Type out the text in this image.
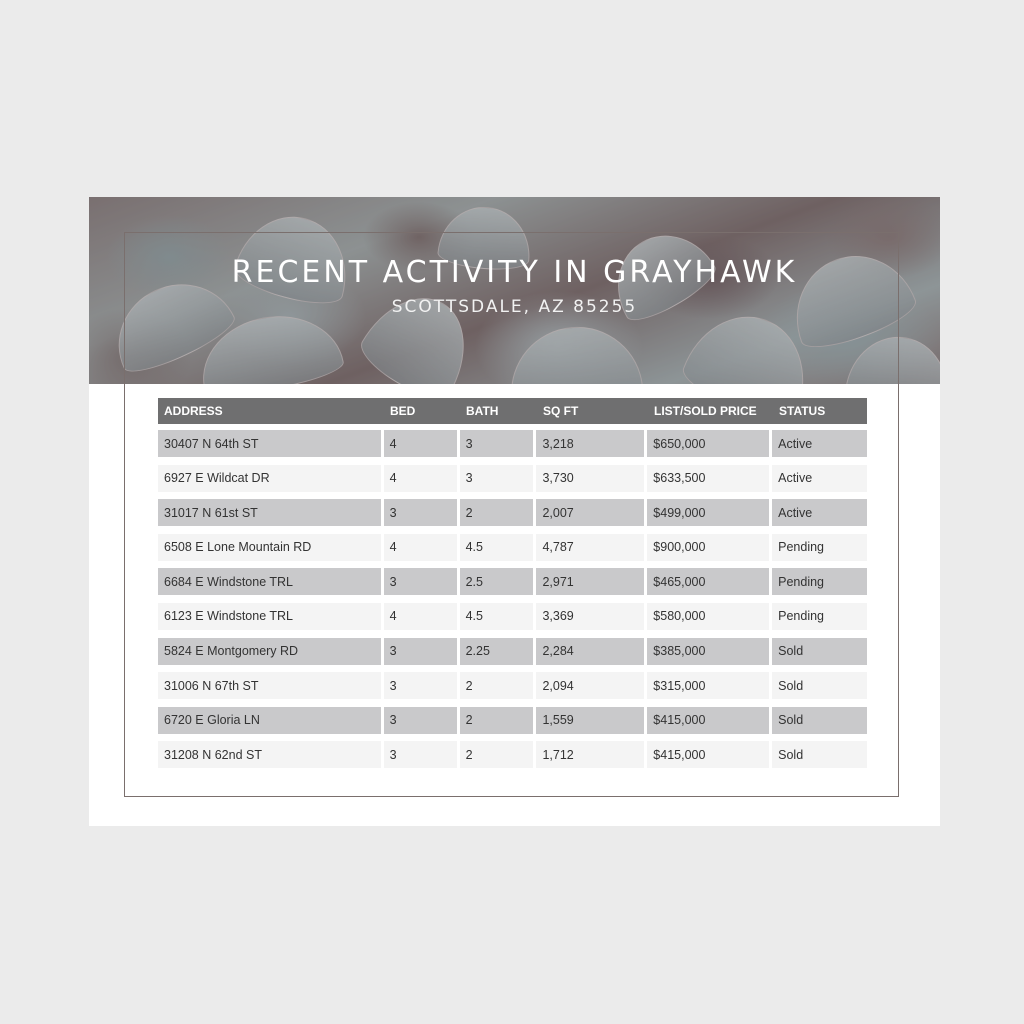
RECENT ACTIVITY IN GRAYHAWK

SCOTTSDALE, AZ 85255

ADDRESS	BED	BATH	SQ FT	LIST/SOLD PRICE	STATUS
30407 N 64th ST	4	3	3,218	$650,000	Active
6927 E Wildcat DR	4	3	3,730	$633,500	Active
31017 N 61st ST	3	2	2,007	$499,000	Active
6508 E Lone Mountain RD	4	4.5	4,787	$900,000	Pending
6684 E Windstone TRL	3	2.5	2,971	$465,000	Pending
6123 E Windstone TRL	4	4.5	3,369	$580,000	Pending
5824 E Montgomery RD	3	2.25	2,284	$385,000	Sold
31006 N 67th ST	3	2	2,094	$315,000	Sold
6720 E Gloria LN	3	2	1,559	$415,000	Sold
31208 N 62nd ST	3	2	1,712	$415,000	Sold
